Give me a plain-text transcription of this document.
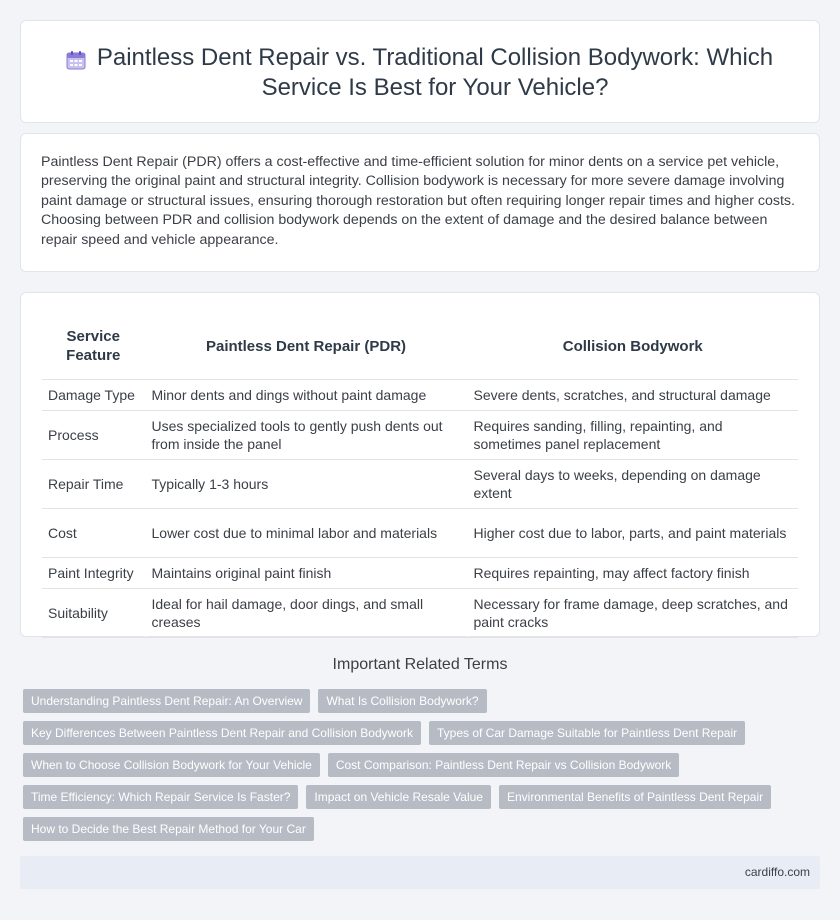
Paintless Dent Repair vs. Traditional Collision Bodywork: Which Service Is Best for Your Vehicle?

Paintless Dent Repair (PDR) offers a cost-effective and time-efficient solution for minor dents on a service pet vehicle, preserving the original paint and structural integrity. Collision bodywork is necessary for more severe damage involving paint damage or structural issues, ensuring thorough restoration but often requiring longer repair times and higher costs. Choosing between PDR and collision bodywork depends on the extent of damage and the desired balance between repair speed and vehicle appearance.

Service Feature	Paintless Dent Repair (PDR)	Collision Bodywork
Damage Type	Minor dents and dings without paint damage	Severe dents, scratches, and structural damage
Process	Uses specialized tools to gently push dents out from inside the panel	Requires sanding, filling, repainting, and sometimes panel replacement
Repair Time	Typically 1-3 hours	Several days to weeks, depending on damage extent
Cost	Lower cost due to minimal labor and materials	Higher cost due to labor, parts, and paint materials
Paint Integrity	Maintains original paint finish	Requires repainting, may affect factory finish
Suitability	Ideal for hail damage, door dings, and small creases	Necessary for frame damage, deep scratches, and paint cracks
Important Related Terms
Understanding Paintless Dent Repair: An Overview	What Is Collision Bodywork?
Key Differences Between Paintless Dent Repair and Collision Bodywork	Types of Car Damage Suitable for Paintless Dent Repair
When to Choose Collision Bodywork for Your Vehicle	Cost Comparison: Paintless Dent Repair vs Collision Bodywork
Time Efficiency: Which Repair Service Is Faster?	Impact on Vehicle Resale Value	Environmental Benefits of Paintless Dent Repair
How to Decide the Best Repair Method for Your Car
cardiffo.com
